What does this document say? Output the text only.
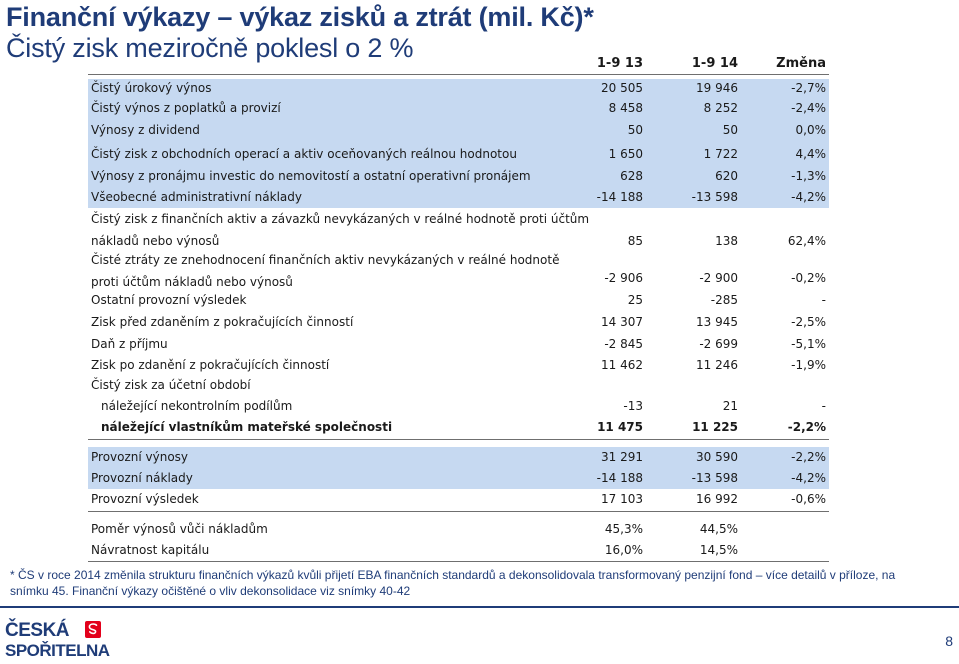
Finanční výkazy – výkaz zisků a ztrát (mil. Kč)*
Čistý zisk meziročně poklesl o 2 %
1-9 13	1-9 14	Změna
Čistý úrokový výnos	20 505	19 946	-2,7%
Čistý výnos z poplatků a provizí	8 458	8 252	-2,4%
Výnosy z dividend	50	50	0,0%
Čistý zisk z obchodních operací a aktiv oceňovaných reálnou hodnotou	1 650	1 722	4,4%
Výnosy z pronájmu investic do nemovitostí a ostatní operativní pronájem	628	620	-1,3%
Všeobecné administrativní náklady	-14 188	-13 598	-4,2%
Čistý zisk z finančních aktiv a závazků nevykázaných v reálné hodnotě proti účtům
nákladů nebo výnosů	85	138	62,4%
Čisté ztráty ze znehodnocení finančních aktiv nevykázaných v reálné hodnotě
proti účtům nákladů nebo výnosů	-2 906	-2 900	-0,2%
Ostatní provozní výsledek	25	-285	-
Zisk před zdaněním z pokračujících činností	14 307	13 945	-2,5%
Daň z příjmu	-2 845	-2 699	-5,1%
Zisk po zdanění z pokračujících činností	11 462	11 246	-1,9%
Čistý zisk za účetní období
náležející nekontrolním podílům	-13	21	-
náležející vlastníkům mateřské společnosti	11 475	11 225	-2,2%
Provozní výnosy	31 291	30 590	-2,2%
Provozní náklady	-14 188	-13 598	-4,2%
Provozní výsledek	17 103	16 992	-0,6%
Poměr výnosů vůči nákladům	45,3%	44,5%
Návratnost kapitálu	16,0%	14,5%
* ČS v roce 2014 změnila strukturu finančních výkazů kvůli přijetí EBA finančních standardů a dekonsolidovala transformovaný penzijní fond – více detailů v příloze, na
snímku 45. Finanční výkazy očištěné o vliv dekonsolidace viz snímky 40-42
ČESKÁ
SPOŘITELNA	8
